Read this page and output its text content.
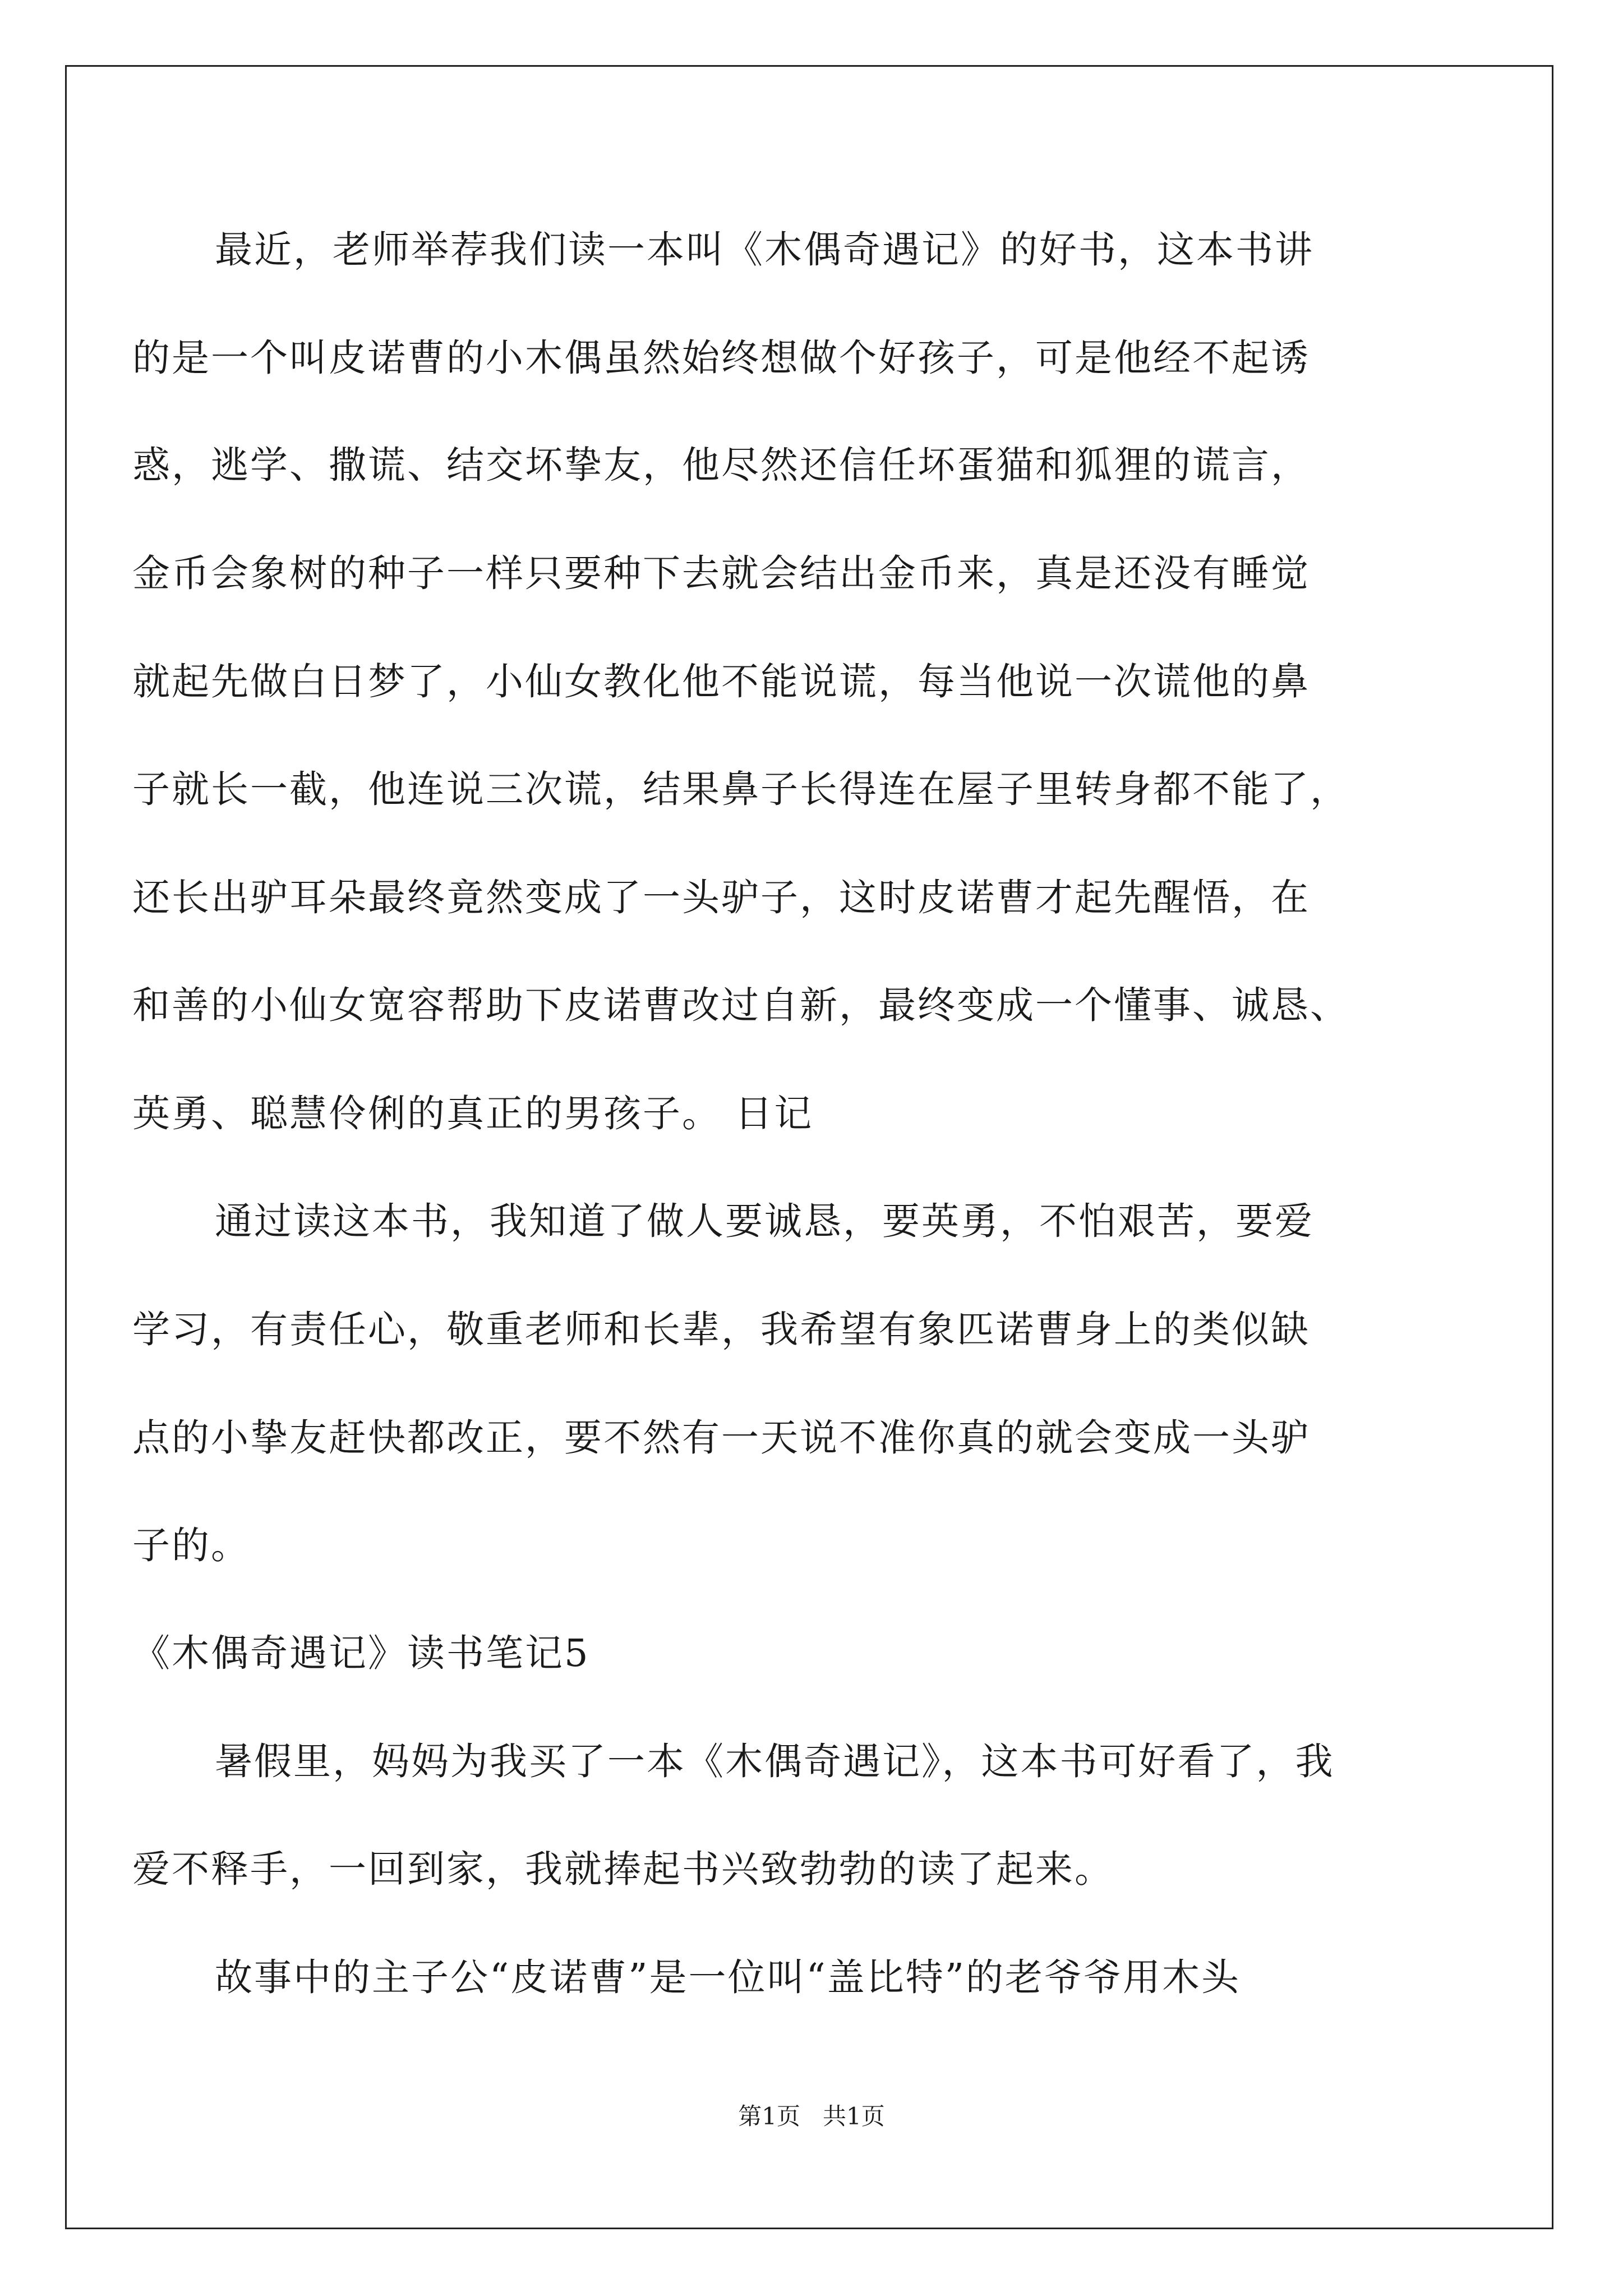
最近，老师举荐我们读一本叫《木偶奇遇记》的好书，这本书讲
的是一个叫皮诺曹的小木偶虽然始终想做个好孩子，可是他经不起诱
惑，逃学、撒谎、结交坏挚友，他尽然还信任坏蛋猫和狐狸的谎言，
金币会象树的种子一样只要种下去就会结出金币来，真是还没有睡觉
就起先做白日梦了，小仙女教化他不能说谎，每当他说一次谎他的鼻
子就长一截，他连说三次谎，结果鼻子长得连在屋子里转身都不能了，
还长出驴耳朵最终竟然变成了一头驴子，这时皮诺曹才起先醒悟，在
和善的小仙女宽容帮助下皮诺曹改过自新，最终变成一个懂事、诚恳、
英勇、聪慧伶俐的真正的男孩子。 日记
通过读这本书，我知道了做人要诚恳，要英勇，不怕艰苦，要爱
学习，有责任心，敬重老师和长辈，我希望有象匹诺曹身上的类似缺
点的小挚友赶快都改正，要不然有一天说不准你真的就会变成一头驴
子的。
《木偶奇遇记》读书笔记5
暑假里，妈妈为我买了一本《木偶奇遇记》，这本书可好看了，我
爱不释手，一回到家，我就捧起书兴致勃勃的读了起来。
故事中的主子公“皮诺曹”是一位叫“盖比特”的老爷爷用木头
第1页 共1页
